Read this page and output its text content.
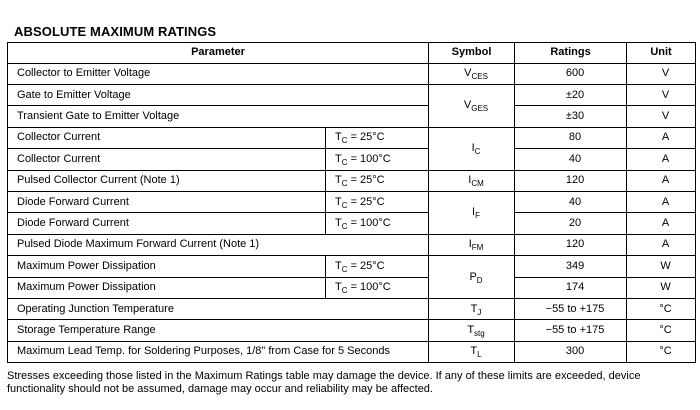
ABSOLUTE MAXIMUM RATINGS
Parameter		Symbol	Ratings	Unit
Collector to Emitter Voltage		$V_{CES}$	600	V
Gate to Emitter Voltage		$V_{GES}$	±20	V
Transient Gate to Emitter Voltage			±30	V
Collector Current	$T_C = 25^\circ C$	$I_C$	80	A
Collector Current	$T_C = 100^\circ C$		40	A
Pulsed Collector Current (Note 1)	$T_C = 25^\circ C$	$I_{CM}$	120	A
Diode Forward Current	$T_C = 25^\circ C$	$I_F$	40	A
Diode Forward Current	$T_C = 100^\circ C$		20	A
Pulsed Diode Maximum Forward Current (Note 1)		$I_{FM}$	120	A
Maximum Power Dissipation	$T_C = 25^\circ C$	$P_D$	349	W
Maximum Power Dissipation	$T_C = 100^\circ C$		174	W
Operating Junction Temperature		$T_J$	−55 to +175	°C
Storage Temperature Range		$T_{stg}$	−55 to +175	°C
Maximum Lead Temp. for Soldering Purposes, 1/8" from Case for 5 Seconds		$T_L$	300	°C
Stresses exceeding those listed in the Maximum Ratings table may damage the device. If any of these limits are exceeded, device functionality should not be assumed, damage may occur and reliability may be affected.
